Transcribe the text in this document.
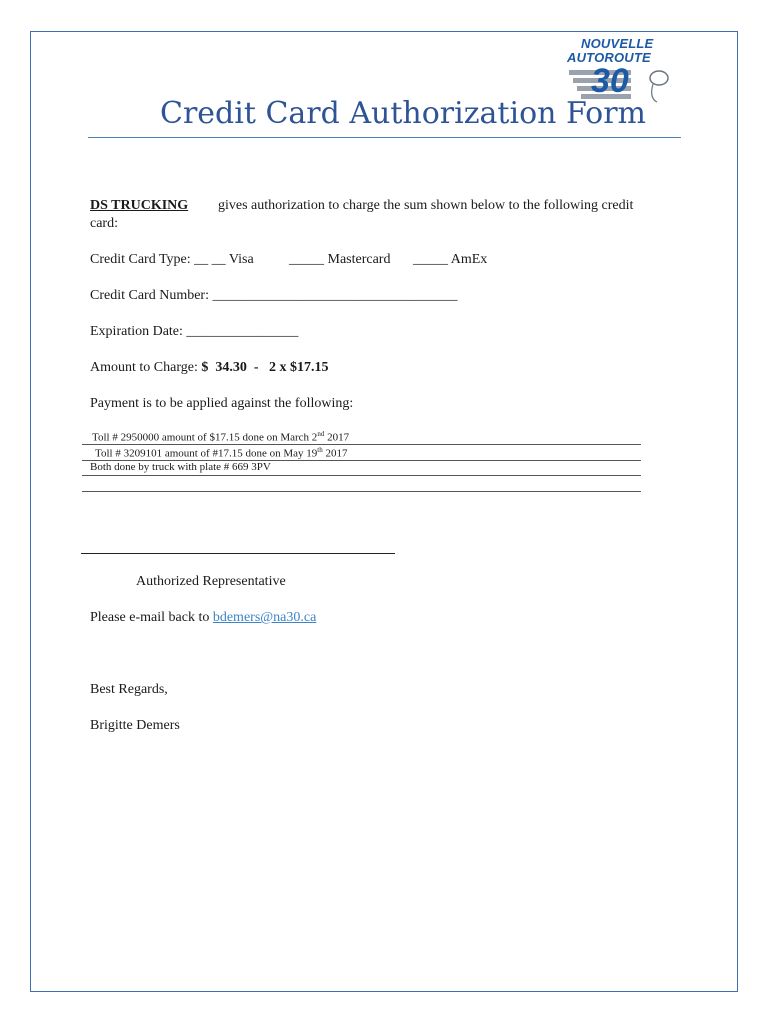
NOUVELLE
AUTOROUTE
30
Credit Card Authorization Form
DS TRUCKING gives authorization to charge the sum shown below to the following credit
card:
Credit Card Type: __ __ Visa	_____ Mastercard _____ AmEx
Credit Card Number: ___________________________________
Expiration Date: ________________
Amount to Charge: $  34.30  -   2 x $17.15
Payment is to be applied against the following:
Toll # 2950000 amount of $17.15 done on March 2nd 2017
Toll # 3209101 amount of #17.15 done on May 19th 2017
Both done by truck with plate # 669 3PV
Authorized Representative
Please e-mail back to bdemers@na30.ca
Best Regards,
Brigitte Demers
